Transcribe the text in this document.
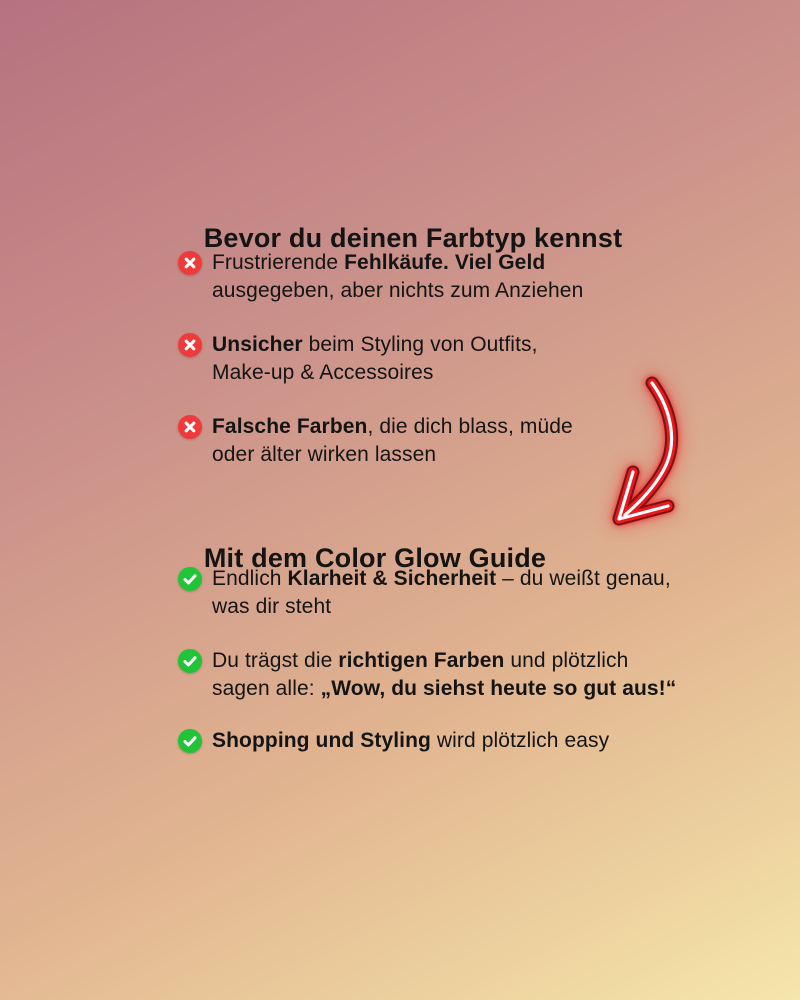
Bevor du deinen Farbtyp kennst

Frustrierende Fehlkäufe. Viel Geld
ausgegeben, aber nichts zum Anziehen

Unsicher beim Styling von Outfits,
Make-up & Accessoires

Falsche Farben, die dich blass, müde
oder älter wirken lassen

Mit dem Color Glow Guide

Endlich Klarheit & Sicherheit – du weißt genau,
was dir steht

Du trägst die richtigen Farben und plötzlich
sagen alle: „Wow, du siehst heute so gut aus!“

Shopping und Styling wird plötzlich easy
